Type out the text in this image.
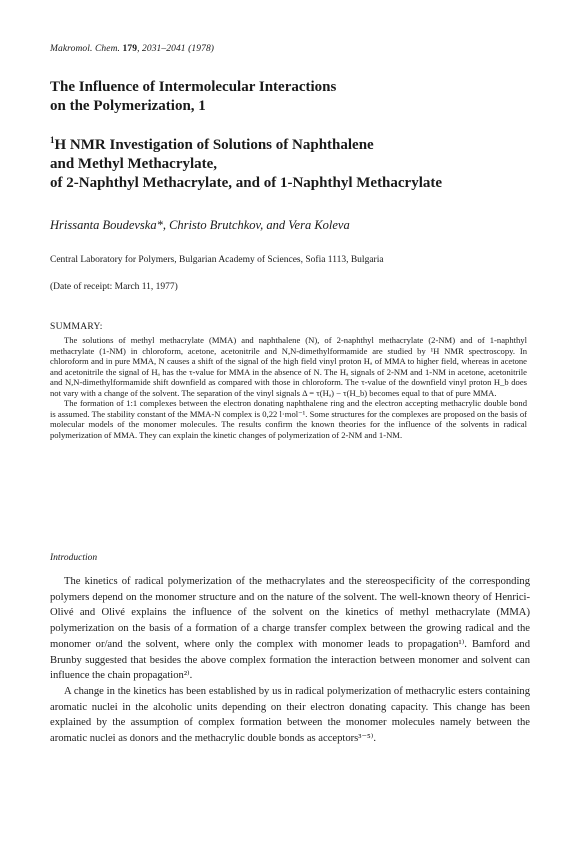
Makromol. Chem. 179, 2031–2041 (1978)
The Influence of Intermolecular Interactions
on the Polymerization, 1
$^1$H NMR Investigation of Solutions of Naphthalene
and Methyl Methacrylate,
of 2-Naphthyl Methacrylate, and of 1-Naphthyl Methacrylate
Hrissanta Boudevska*, Christo Brutchkov, and Vera Koleva
Central Laboratory for Polymers, Bulgarian Academy of Sciences, Sofia 1113, Bulgaria
(Date of receipt: March 11, 1977)
SUMMARY:

The solutions of methyl methacrylate (MMA) and naphthalene (N), of 2-naphthyl methacrylate (2-NM) and of 1-naphthyl methacrylate (1-NM) in chloroform, acetone, acetonitrile and N,N-dimethylformamide are studied by ¹H NMR spectroscopy. In chloroform and in pure MMA, N causes a shift of the signal of the high field vinyl proton Hₐ of MMA to higher field, whereas in acetone and acetonitrile the signal of Hₐ has the τ-value for MMA in the absence of N. The Hₐ signals of 2-NM and 1-NM in acetone, acetonitrile and N,N-dimethylformamide shift downfield as compared with those in chloroform. The τ-value of the downfield vinyl proton H_b does not vary with a change of the solvent. The separation of the vinyl signals Δ = τ(Hₐ) − τ(H_b) becomes equal to that of pure MMA.

The formation of 1:1 complexes between the electron donating naphthalene ring and the electron accepting methacrylic double bond is assumed. The stability constant of the MMA-N complex is 0,22 l·mol⁻¹. Some structures for the complexes are proposed on the basis of molecular models of the monomer molecules. The results confirm the known theories for the influence of the solvents in radical polymerization of MMA. They can explain the kinetic changes of polymerization of 2-NM and 1-NM.

Introduction

The kinetics of radical polymerization of the methacrylates and the stereospecificity of the corresponding polymers depend on the monomer structure and on the nature of the solvent. The well-known theory of Henrici-Olivé and Olivé explains the influence of the solvent on the kinetics of methyl methacrylate (MMA) polymerization on the basis of a formation of a charge transfer complex between the growing radical and the monomer or/and the solvent, where only the complex with monomer leads to propagation¹⁾. Bamford and Brunby suggested that besides the above complex formation the interaction between monomer and solvent can influence the chain propagation²⁾.

A change in the kinetics has been established by us in radical polymerization of methacrylic esters containing aromatic nuclei in the alcoholic units depending on their electron donating capacity. This change has been explained by the assumption of complex formation between the monomer molecules namely between the aromatic nuclei as donors and the methacrylic double bonds as acceptors³⁻⁵⁾.
